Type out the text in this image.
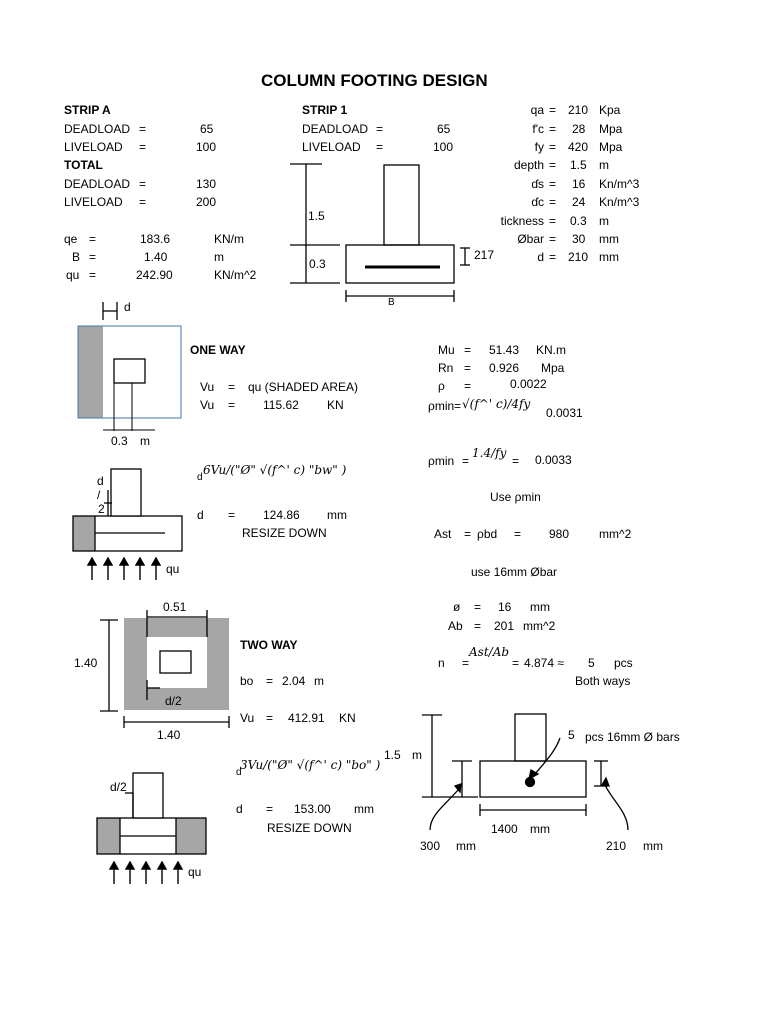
COLUMN FOOTING DESIGN
STRIP A
DEADLOAD =	65
LIVELOAD =	100
TOTAL
DEADLOAD =	130
LIVELOAD =	200
qe =	183.6	KN/m
B =	1.40	m
qu =	242.90	KN/m^2
STRIP 1
DEADLOAD =	65
LIVELOAD =	100
qa = 210 Kpa
f'c = 28 Mpa
fy = 420 Mpa
depth = 1.5 m
ɗs = 16 Kn/m^3
ɗc = 24 Kn/m^3
tickness = 0.3 m
Øbar = 30 mm
d = 210 mm
1.5
0.3
217
B
d
ONE WAY
0.3 m
Vu = qu (SHADED AREA)
Vu = 115.62 KN
d
6Vu/("Ø" √(f^' c) "bw" )
d = 124.86 mm
RESIZE DOWN
d
/
2
qu
Mu = 51.43 KN.m
Rn = 0.926 Mpa
ρ =	0.0022
ρmin = √(f^' c)/4fy
0.0031
ρmin =
1.4/fy
= 0.0033
Use ρmin
Ast = ρbd = 980 mm^2
use 16mm Øbar
ø = 16 mm
Ab = 201 mm^2
n =
Ast/Ab
= 4.874 ≈ 5 pcs
Both ways
0.51
1.40
1.40
d/2
TWO WAY
bo = 2.04 m
Vu = 412.91 KN
d
3Vu/("Ø" √(f^' c) "bo" )
d = 153.00 mm
RESIZE DOWN
d/2
qu
5 pcs 16mm Ø bars
1.5 m
1400 mm
300 mm	210 mm
